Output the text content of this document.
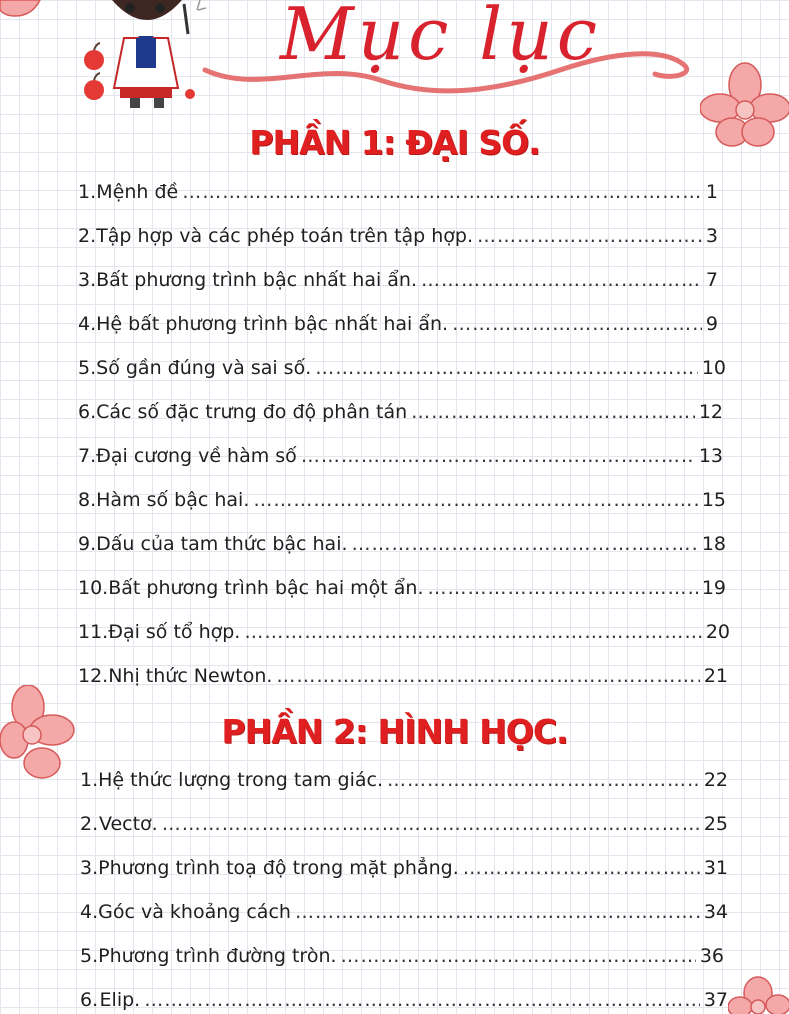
Mục lục
PHẦN 1: ĐẠI SỐ.
PHẦN 2: HÌNH HỌC.
1. Mệnh đề ………………………………………………………………………………………………………………………………………………	1
2. Tập hợp và các phép toán trên tập hợp. ………………………………………………………………………………………………………………………………………………	3
3. Bất phương trình bậc nhất hai ẩn. ………………………………………………………………………………………………………………………………………………	7
4. Hệ bất phương trình bậc nhất hai ẩn. ………………………………………………………………………………………………………………………………………………	9
5. Số gần đúng và sai số. ………………………………………………………………………………………………………………………………………………	10
6. Các số đặc trưng đo độ phân tán ………………………………………………………………………………………………………………………………………………	12
7. Đại cương về hàm số ………………………………………………………………………………………………………………………………………………	13
8. Hàm số bậc hai. ………………………………………………………………………………………………………………………………………………	15
9. Dấu của tam thức bậc hai. ………………………………………………………………………………………………………………………………………………	18
10. Bất phương trình bậc hai một ẩn. ………………………………………………………………………………………………………………………………………………	19
11. Đại số tổ hợp. ………………………………………………………………………………………………………………………………………………	20
12. Nhị thức Newton. ………………………………………………………………………………………………………………………………………………	21
1. Hệ thức lượng trong tam giác. ………………………………………………………………………………………………………………………………………………	22
2. Vectơ. ………………………………………………………………………………………………………………………………………………	25
3. Phương trình toạ độ trong mặt phẳng. ………………………………………………………………………………………………………………………………………………	31
4. Góc và khoảng cách ………………………………………………………………………………………………………………………………………………	34
5. Phương trình đường tròn. ………………………………………………………………………………………………………………………………………………	36
6. Elip. ………………………………………………………………………………………………………………………………………………	37
